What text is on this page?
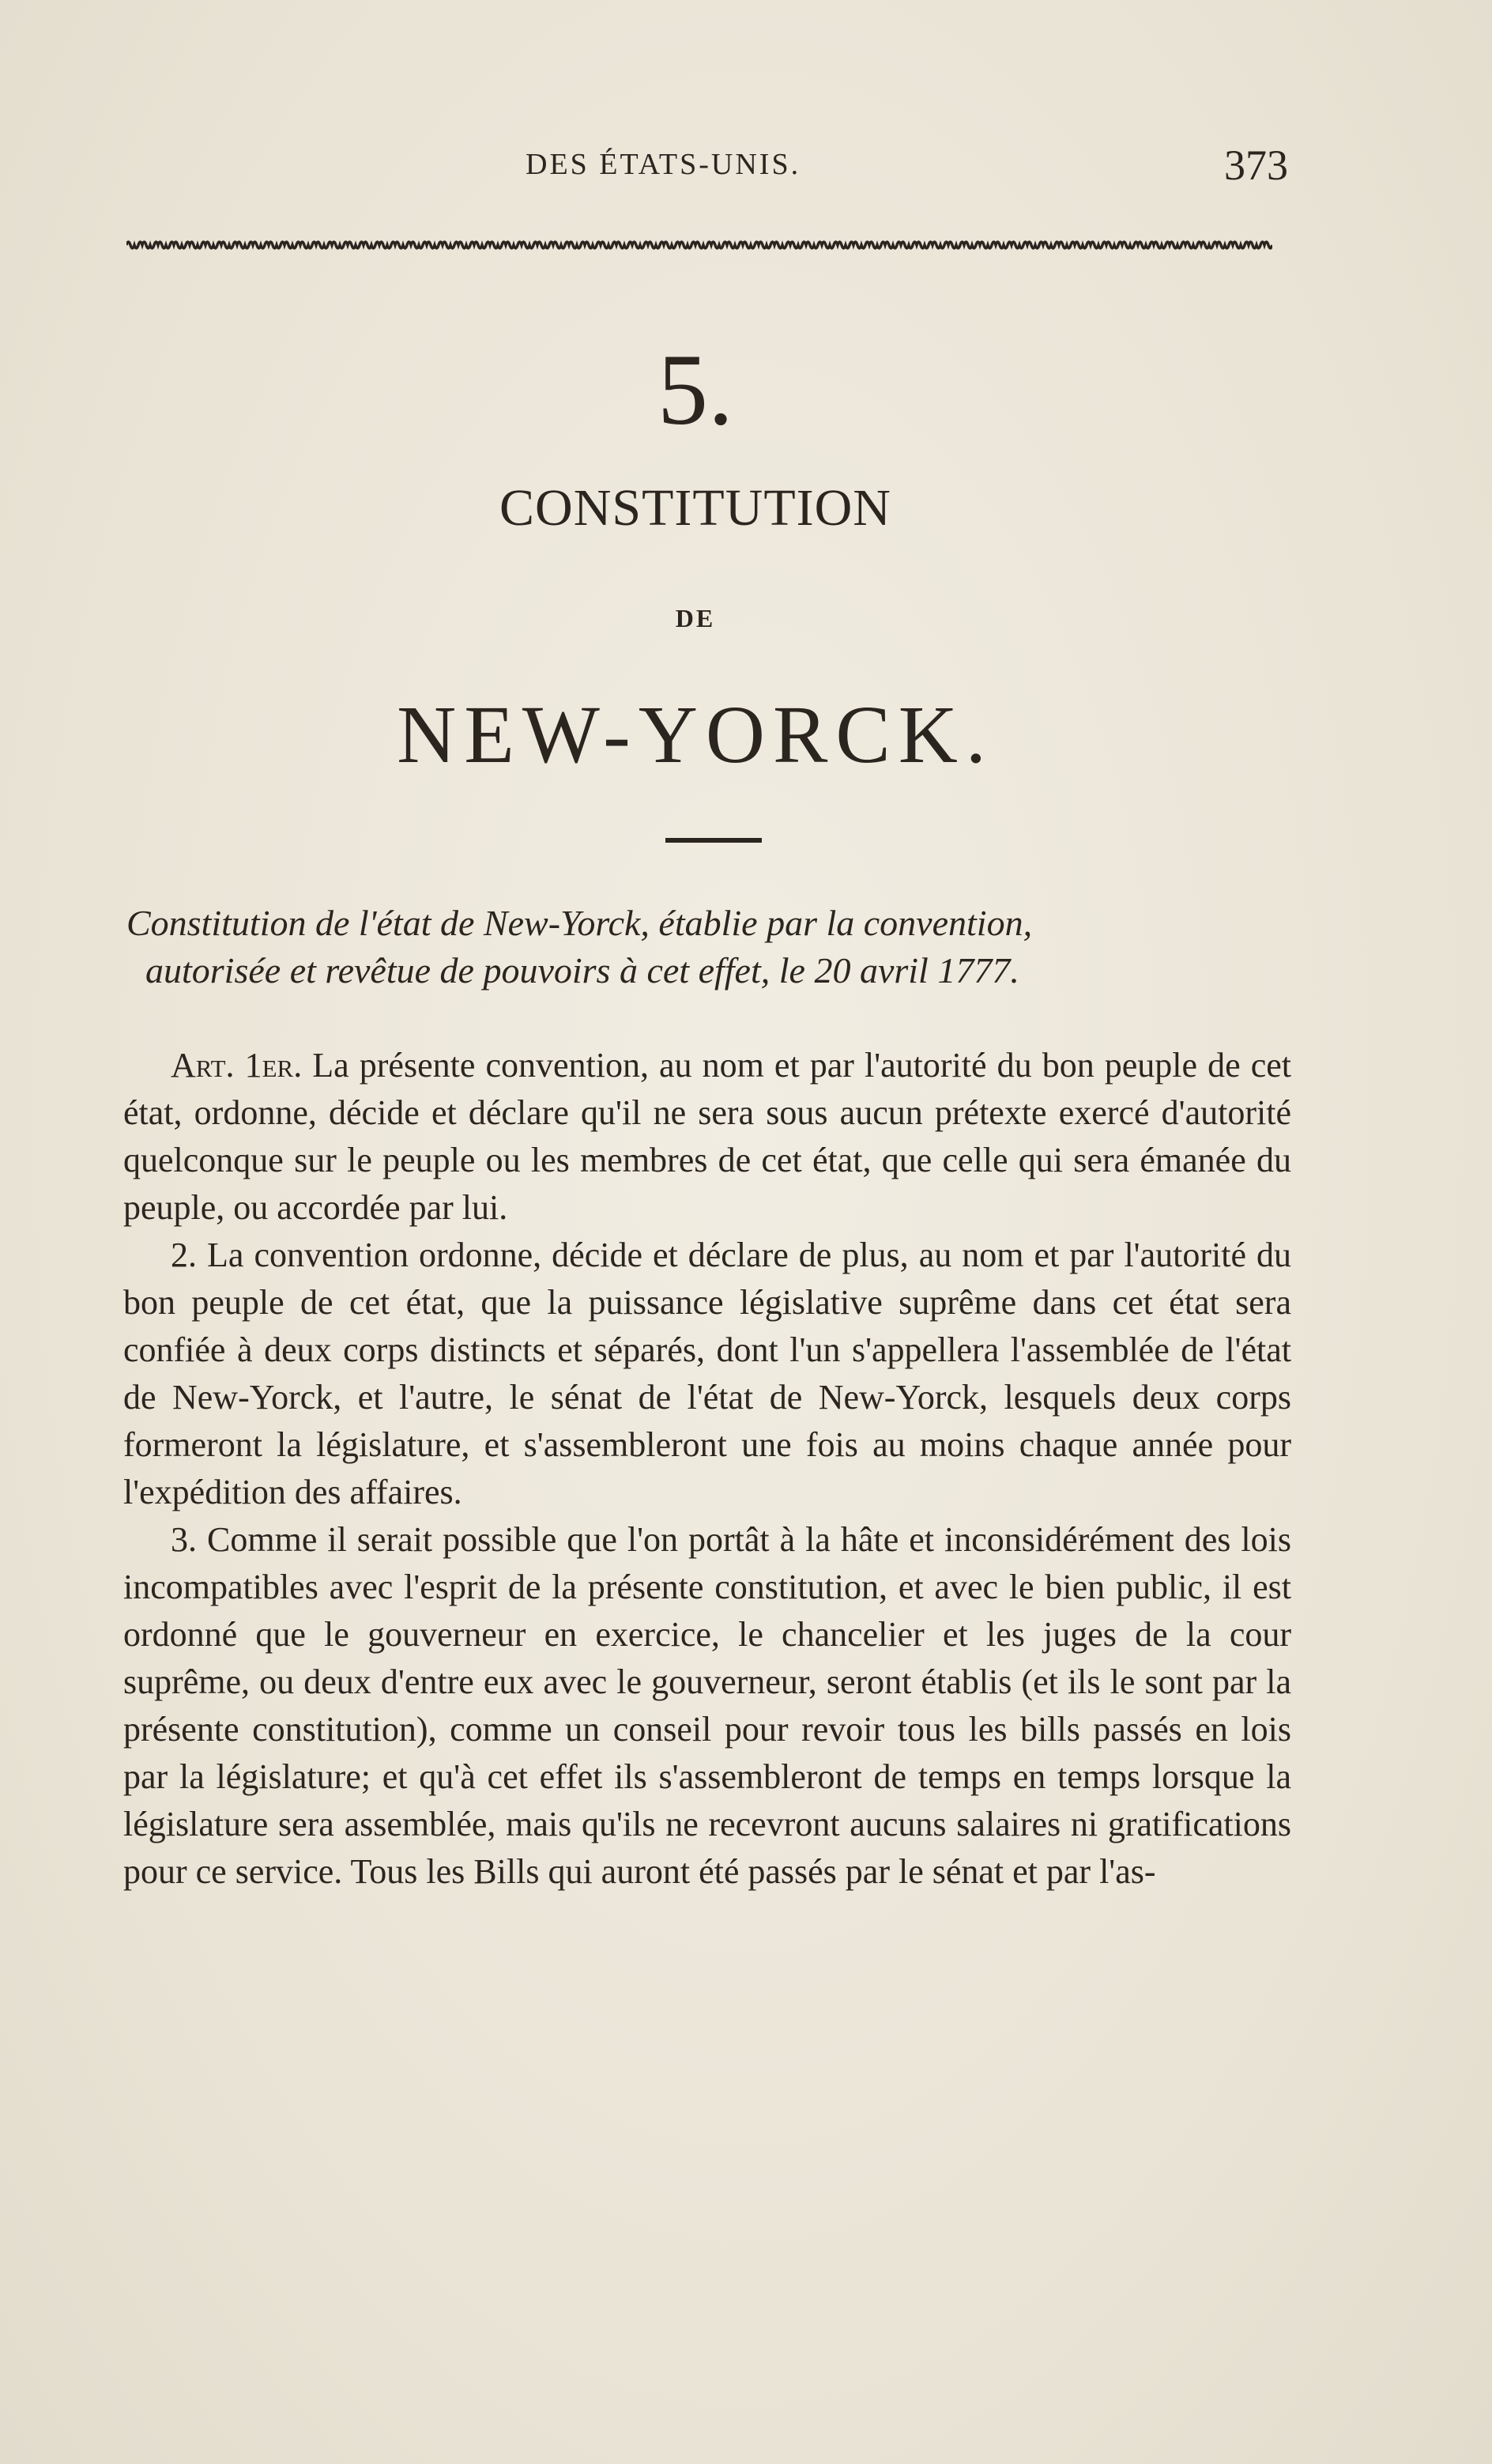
DES ÉTATS-UNIS.	373
5.
CONSTITUTION
DE
NEW-YORCK.
Constitution de l'état de New-Yorck, établie par la convention,
autorisée et revêtue de pouvoirs à cet effet, le 20 avril 1777.

Art. 1er. La présente convention, au nom et par l'autorité du bon peuple de cet état, ordonne, décide et déclare qu'il ne sera sous aucun prétexte exercé d'autorité quelconque sur le peuple ou les membres de cet état, que celle qui sera émanée du peuple, ou accordée par lui.

2. La convention ordonne, décide et déclare de plus, au nom et par l'autorité du bon peuple de cet état, que la puissance législative suprême dans cet état sera confiée à deux corps distincts et séparés, dont l'un s'appellera l'assemblée de l'état de New-Yorck, et l'autre, le sénat de l'état de New-Yorck, lesquels deux corps formeront la législature, et s'assembleront une fois au moins chaque année pour l'expédition des affaires.

3. Comme il serait possible que l'on portât à la hâte et inconsidérément des lois incompatibles avec l'esprit de la présente constitution, et avec le bien public, il est ordonné que le gouverneur en exercice, le chancelier et les juges de la cour suprême, ou deux d'entre eux avec le gouverneur, seront établis (et ils le sont par la présente constitution), comme un conseil pour revoir tous les bills passés en lois par la législature; et qu'à cet effet ils s'assembleront de temps en temps lorsque la législature sera assemblée, mais qu'ils ne recevront aucuns salaires ni gratifications pour ce service. Tous les Bills qui auront été passés par le sénat et par l'as-
